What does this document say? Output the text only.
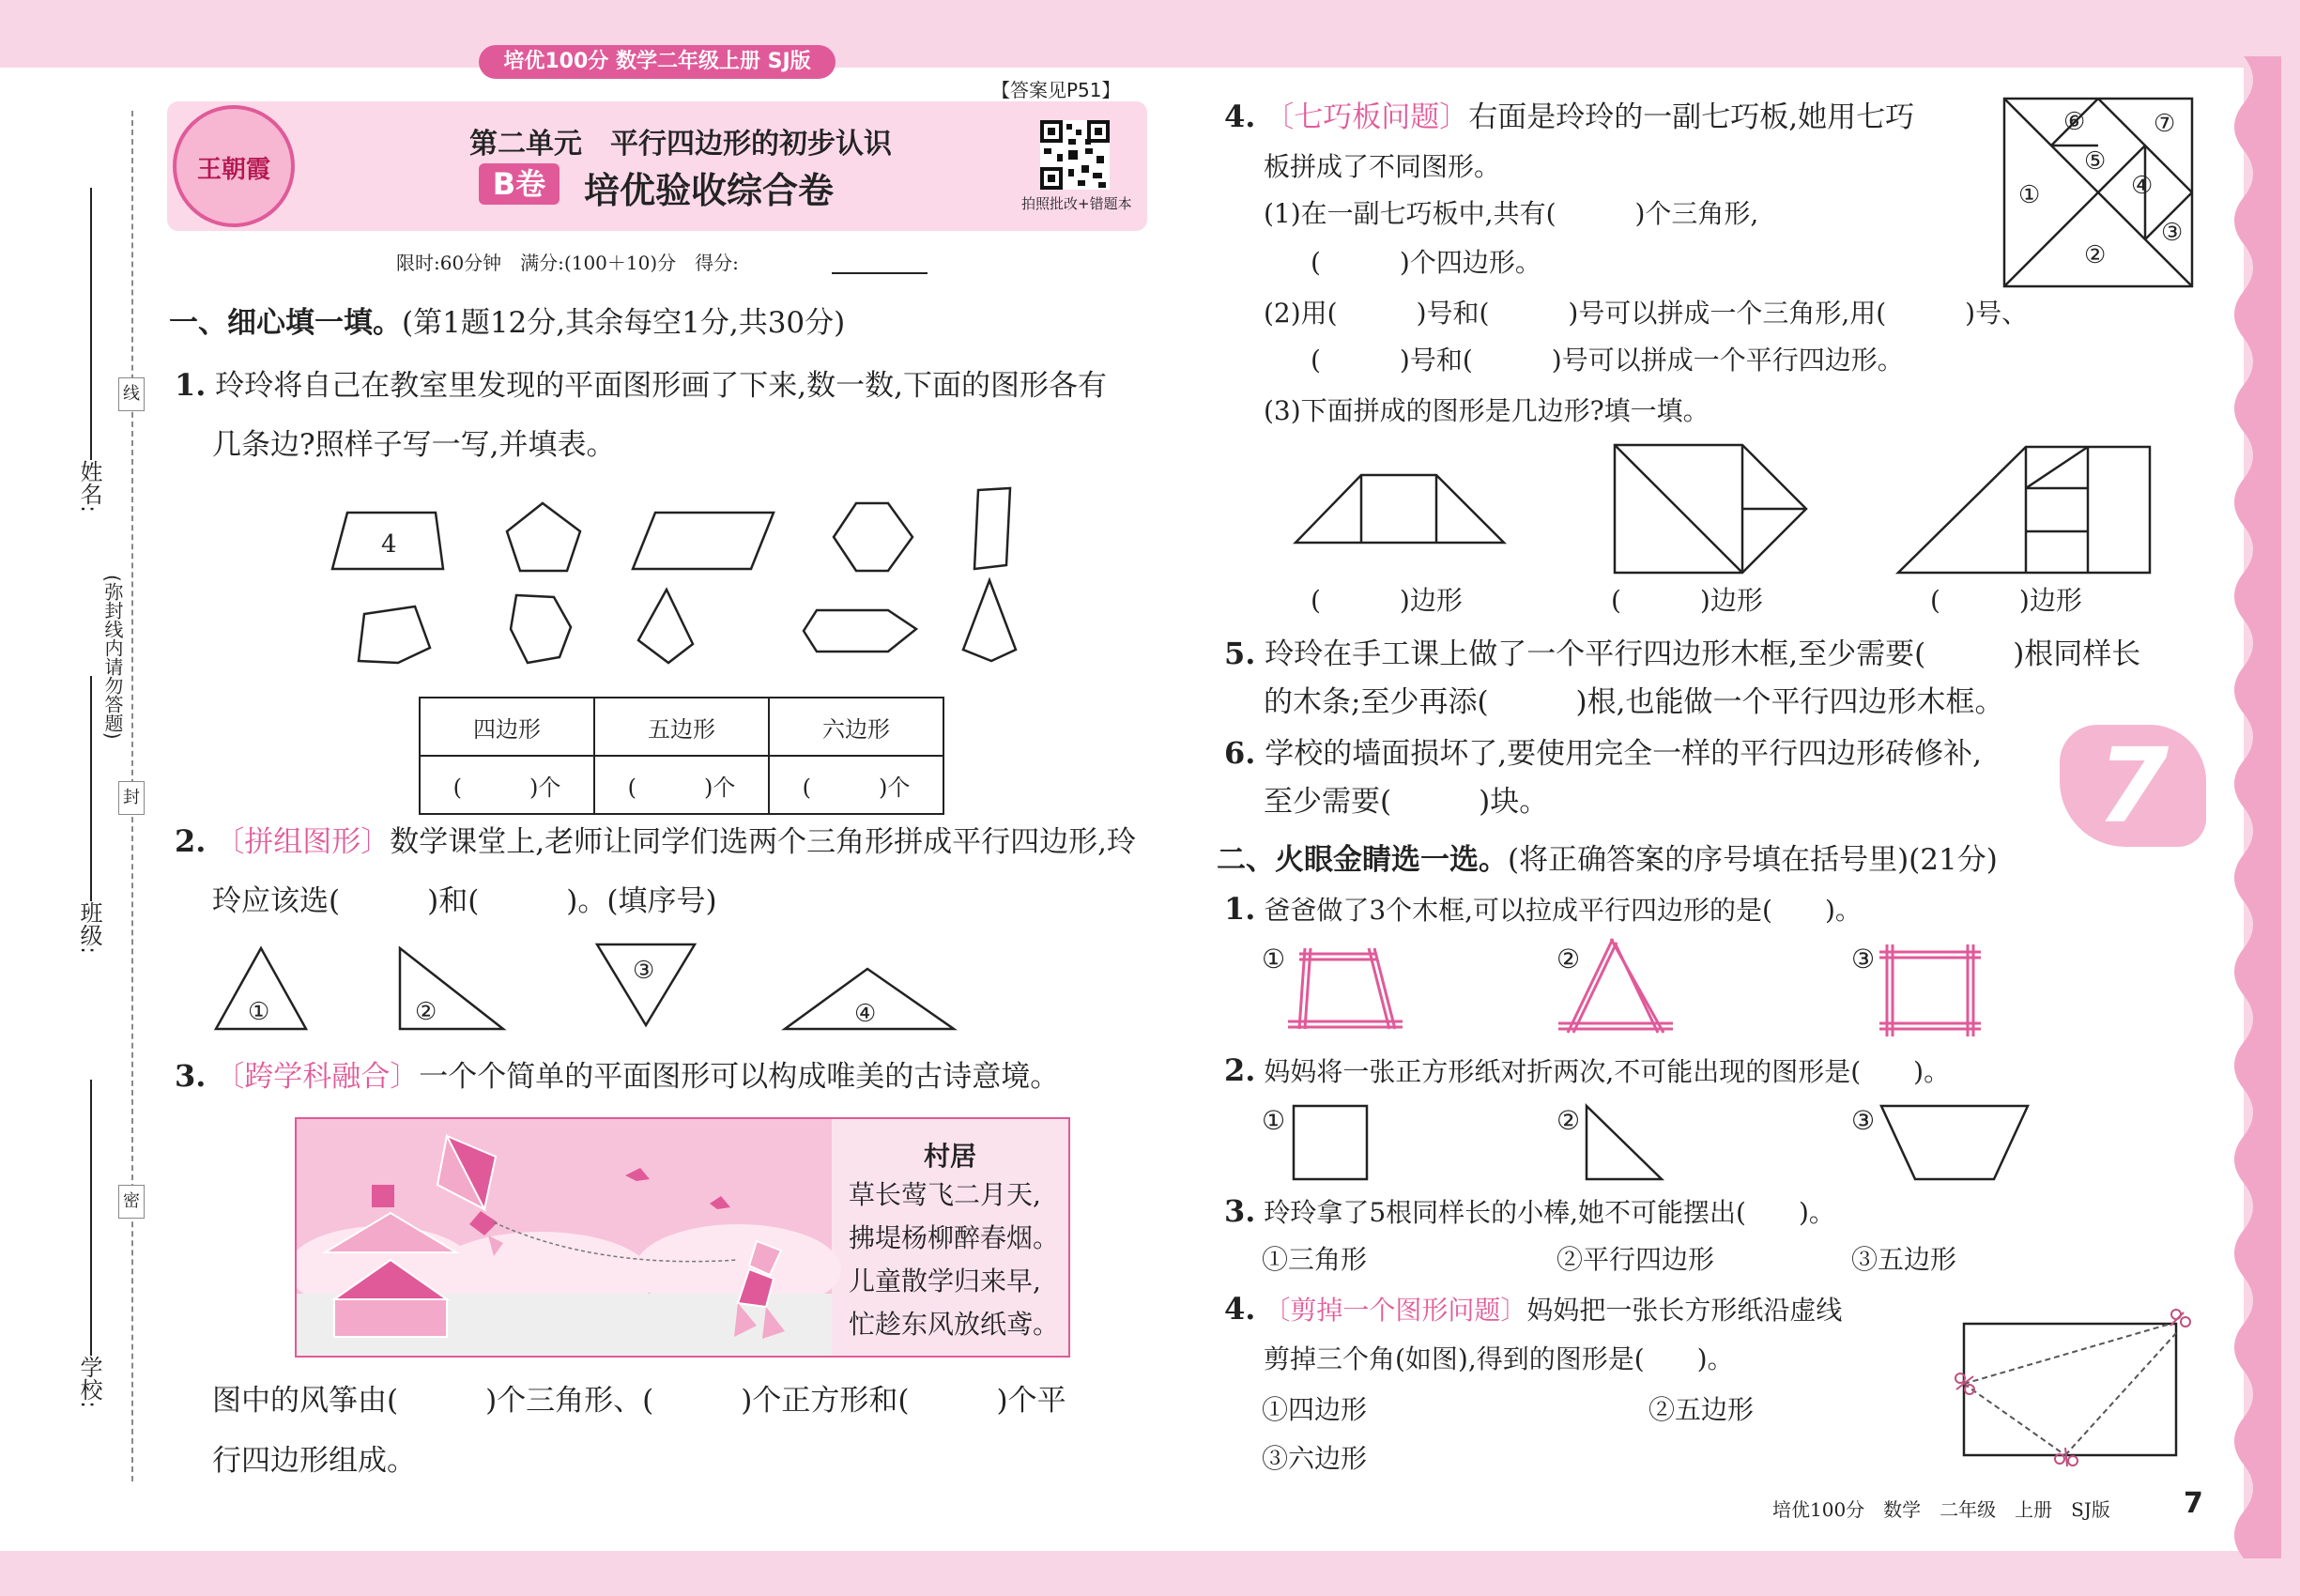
培优100分 数学二年级上册 SJ版
王朝霞
【答案见P51】
第二单元　平行四边形的初步认识
B卷	培优验收综合卷	拍照批改+错题本
限时:60分钟　满分:(100＋10)分　得分:
姓名:
(弥封线内请勿答题)
班级:
学校:
线
封
密
一、细心填一填。(第1题12分,其余每空1分,共30分)
1. 玲玲将自己在教室里发现的平面图形画了下来,数一数,下面的图形各有
几条边?照样子写一写,并填表。
4
四边形	五边形	六边形
(　　　)个	(　　　)个	(　　　)个
2. 〔拼组图形〕数学课堂上,老师让同学们选两个三角形拼成平行四边形,玲
玲应该选(　　　)和(　　　)。(填序号)
①	②
③
④
3. 〔跨学科融合〕一个个简单的平面图形可以构成唯美的古诗意境。
村居
草长莺飞二月天,
拂堤杨柳醉春烟。
儿童散学归来早,
忙趁东风放纸鸢。
图中的风筝由(　　　)个三角形、(　　　)个正方形和(　　　)个平
行四边形组成。
4. 〔七巧板问题〕右面是玲玲的一副七巧板,她用七巧
板拼成了不同图形。
(1)在一副七巧板中,共有(　　　)个三角形,
(　　　)个四边形。
(2)用(　　　)号和(　　　)号可以拼成一个三角形,用(　　　)号、
(　　　)号和(　　　)号可以拼成一个平行四边形。
(3)下面拼成的图形是几边形?填一填。
①
②
③
④
⑤
⑥	⑦
(　　　)边形	(　　　)边形	(　　　)边形
5. 玲玲在手工课上做了一个平行四边形木框,至少需要(　　　)根同样长
的木条;至少再添(　　　)根,也能做一个平行四边形木框。
6. 学校的墙面损坏了,要使用完全一样的平行四边形砖修补,
至少需要(　　　)块。	7
二、火眼金睛选一选。(将正确答案的序号填在括号里)(21分)
1. 爸爸做了3个木框,可以拉成平行四边形的是(　　)。
①	②	③
2. 妈妈将一张正方形纸对折两次,不可能出现的图形是(　　)。
①	②	③
3. 玲玲拿了5根同样长的小棒,她不可能摆出(　　)。
①三角形	②平行四边形	③五边形
4. 〔剪掉一个图形问题〕妈妈把一张长方形纸沿虚线
剪掉三个角(如图),得到的图形是(　　)。
①四边形	②五边形
③六边形
培优100分　数学　二年级　上册　SJ版	7
